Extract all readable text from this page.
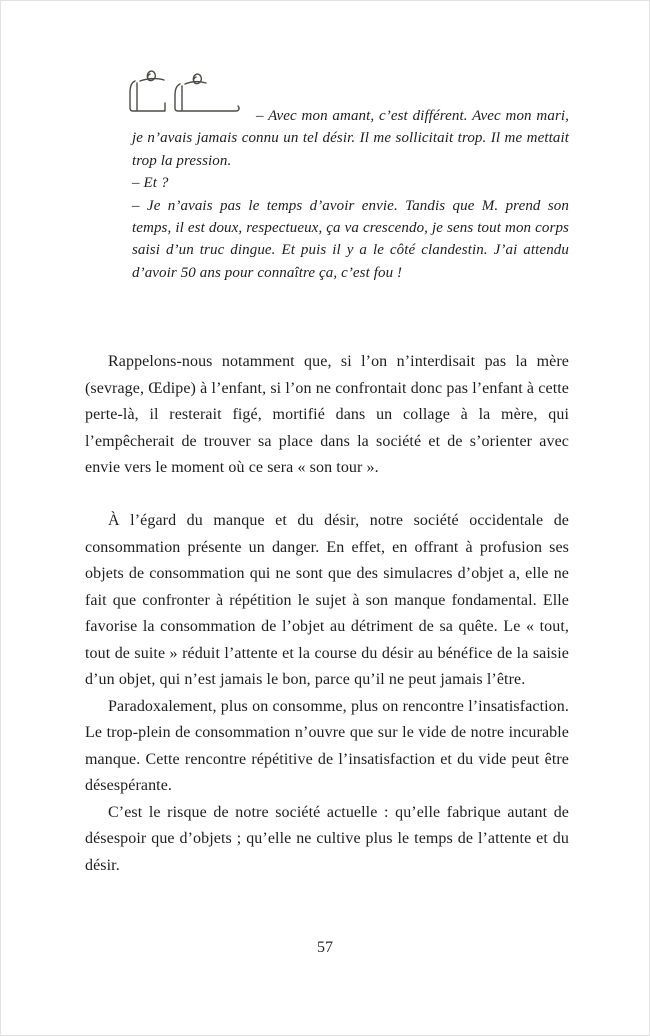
– Avec mon amant, c’est différent. Avec mon mari, je n’avais jamais connu un tel désir. Il me sollicitait trop. Il me mettait trop la pression.

– Et ?

– Je n’avais pas le temps d’avoir envie. Tandis que M. prend son temps, il est doux, respectueux, ça va crescendo, je sens tout mon corps saisi d’un truc dingue. Et puis il y a le côté clandestin. J’ai attendu d’avoir 50 ans pour connaître ça, c’est fou !

Rappelons-nous notamment que, si l’on n’interdisait pas la mère (sevrage, Œdipe) à l’enfant, si l’on ne confrontait donc pas l’enfant à cette perte-là, il resterait figé, mortifié dans un collage à la mère, qui l’empêcherait de trouver sa place dans la société et de s’orienter avec envie vers le moment où ce sera « son tour ».

À l’égard du manque et du désir, notre société occidentale de consommation présente un danger. En effet, en offrant à profusion ses objets de consommation qui ne sont que des simulacres d’objet a, elle ne fait que confronter à répétition le sujet à son manque fondamental. Elle favorise la consommation de l’objet au détriment de sa quête. Le « tout, tout de suite » réduit l’attente et la course du désir au bénéfice de la saisie d’un objet, qui n’est jamais le bon, parce qu’il ne peut jamais l’être.

Paradoxalement, plus on consomme, plus on rencontre l’insatisfaction. Le trop-plein de consommation n’ouvre que sur le vide de notre incurable manque. Cette rencontre répétitive de l’insatisfaction et du vide peut être désespérante.

C’est le risque de notre société actuelle : qu’elle fabrique autant de désespoir que d’objets ; qu’elle ne cultive plus le temps de l’attente et du désir.

57
